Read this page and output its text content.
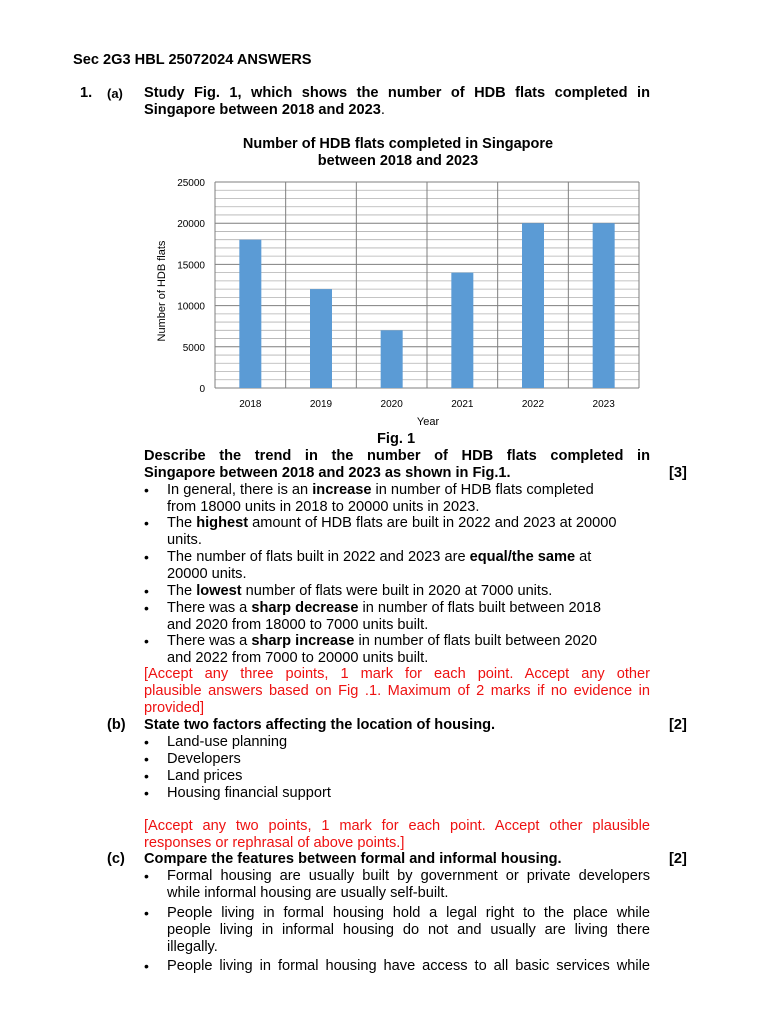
Sec 2G3 HBL 25072024 ANSWERS
1. (a) Study Fig. 1, which shows the number of HDB flats completed in
Singapore between 2018 and 2023.
Number of HDB flats completed in Singapore
between 2018 and 2023
0
5000
10000
15000
20000
25000
2018	2019	2020	2021	2022	2023
Number of HDB flats
Year
Fig. 1
Describe the trend in the number of HDB flats completed in
Singapore between 2018 and 2023 as shown in Fig.1.	[3]
• In general, there is an increase in number of HDB flats completed
from 18000 units in 2018 to 20000 units in 2023.
• The highest amount of HDB flats are built in 2022 and 2023 at 20000
units.
• The number of flats built in 2022 and 2023 are equal/the same at
20000 units.
• The lowest number of flats were built in 2020 at 7000 units.
• There was a sharp decrease in number of flats built between 2018
and 2020 from 18000 to 7000 units built.
• There was a sharp increase in number of flats built between 2020
and 2022 from 7000 to 20000 units built.
[Accept any three points, 1 mark for each point. Accept any other
plausible answers based on Fig .1. Maximum of 2 marks if no evidence in
provided]
(b) State two factors affecting the location of housing.	[2]
• Land-use planning
• Developers
• Land prices
• Housing financial support
[Accept any two points, 1 mark for each point. Accept other plausible
responses or rephrasal of above points.]
(c) Compare the features between formal and informal housing.	[2]
• Formal housing are usually built by government or private developers
while informal housing are usually self-built.
• People living in formal housing hold a legal right to the place while
people living in informal housing do not and usually are living there
illegally.
• People living in formal housing have access to all basic services while
